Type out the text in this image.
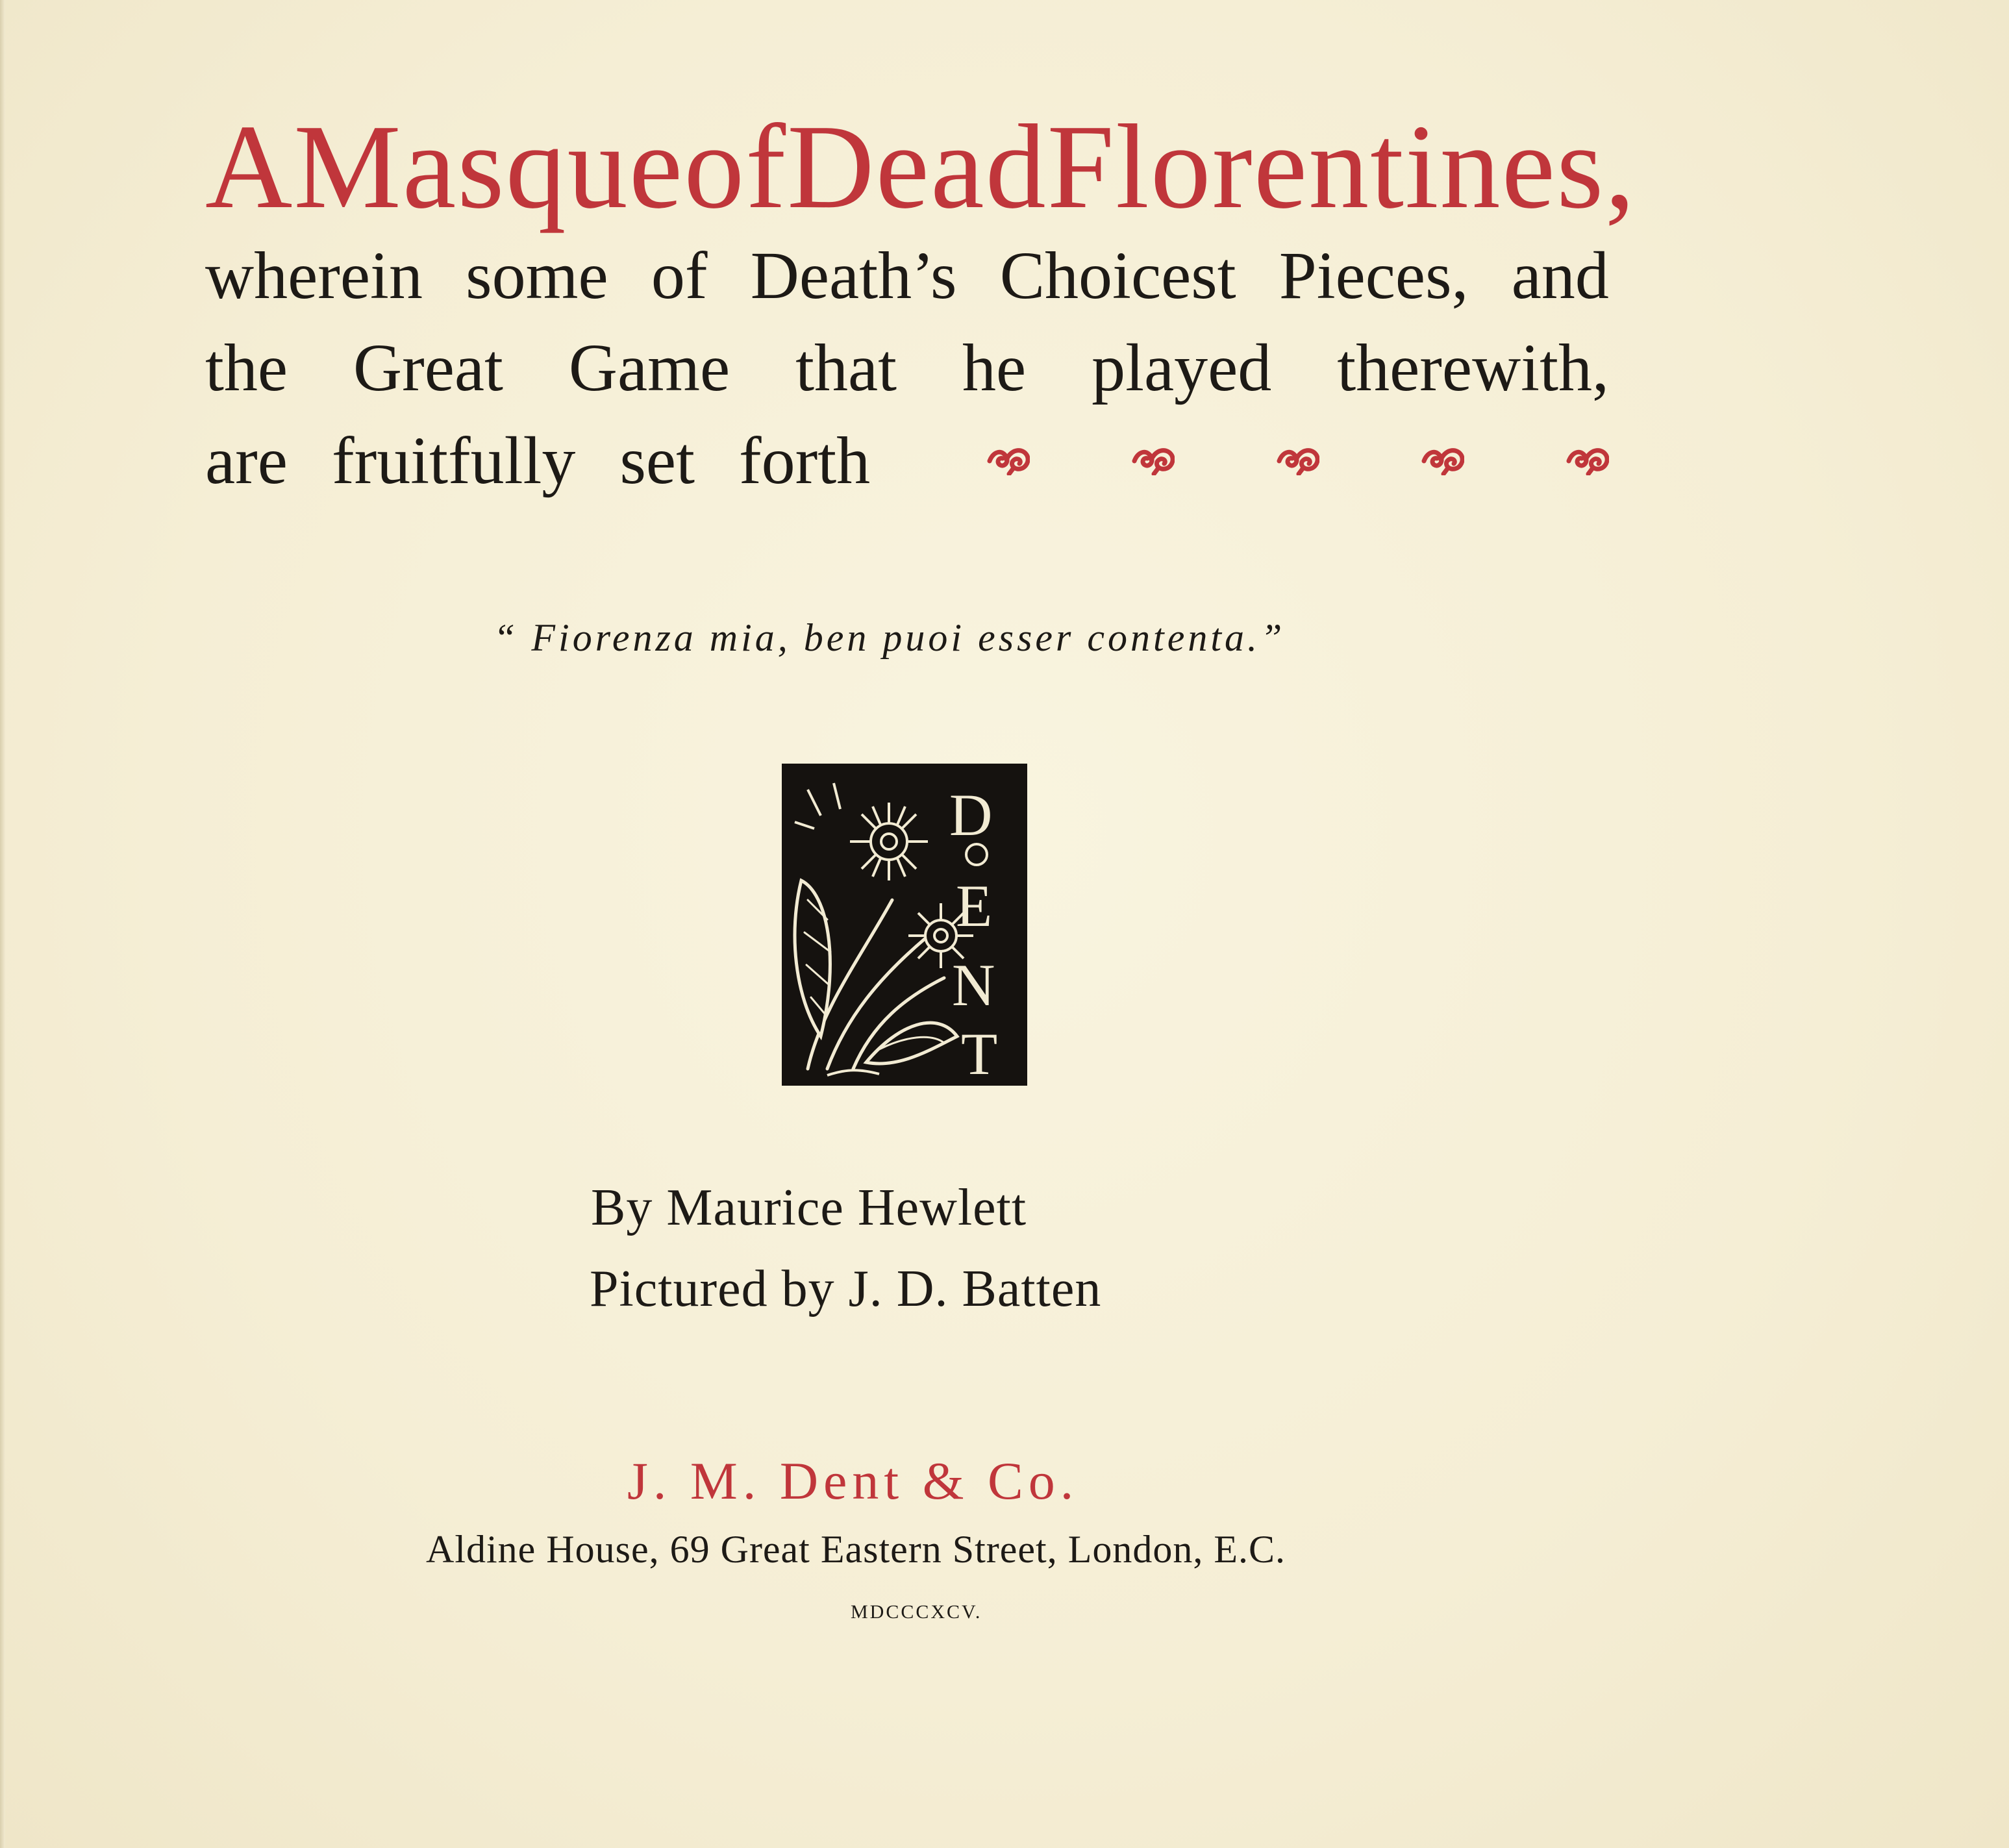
A Masque of Dead Florentines,
wherein some of Death’s Choicest Pieces, and
the Great Game that he played therewith,
are fruitfully set forth
“ Fiorenza mia, ben puoi esser contenta.”
D
E
N
T
By Maurice Hewlett
Pictured by J. D. Batten
J. M. Dent & Co.
Aldine House, 69 Great Eastern Street, London, E.C.
MDCCCXCV.
